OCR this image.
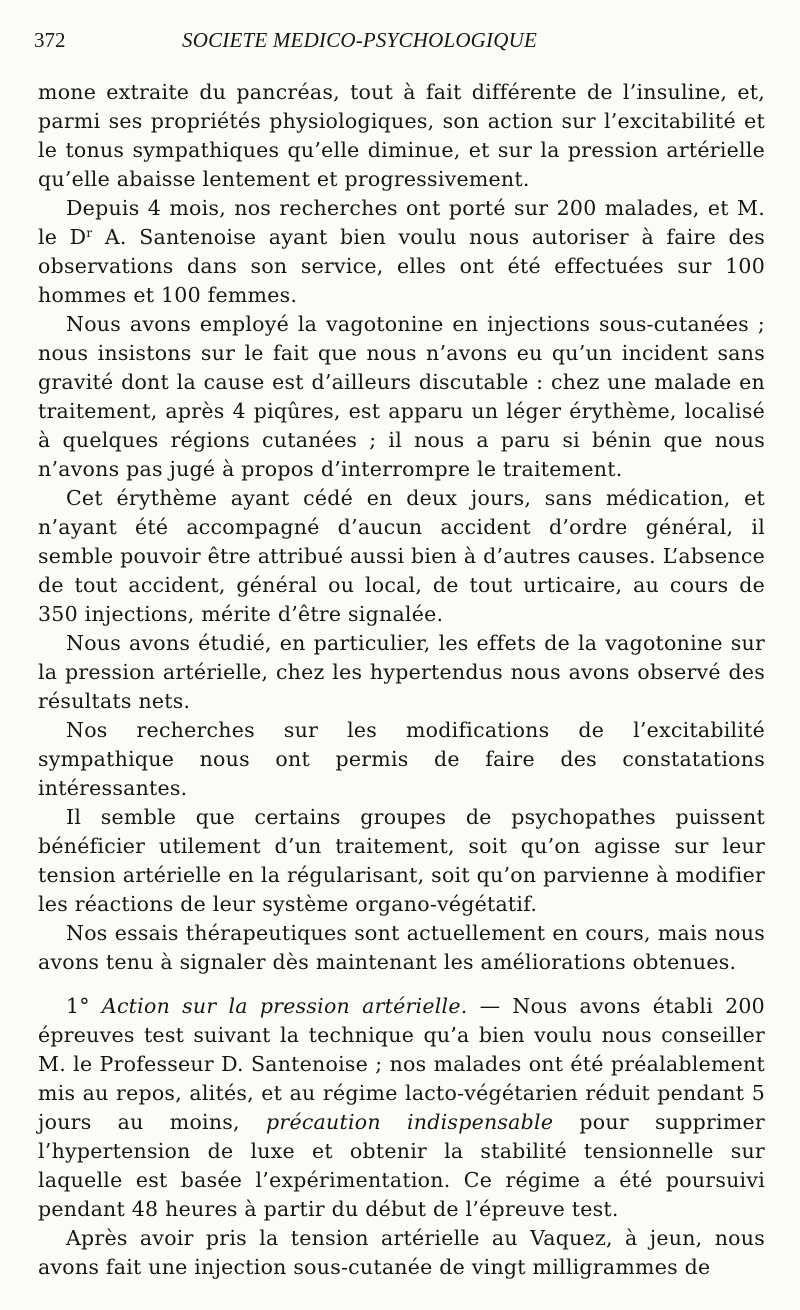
372	SOCIETE MEDICO-PSYCHOLOGIQUE

mone extraite du pancréas, tout à fait différente de l’insuline, et, parmi ses propriétés physiologiques, son action sur l’excitabilité et le tonus sympathiques qu’elle diminue, et sur la pression artérielle qu’elle abaisse lentement et progressivement.

Depuis 4 mois, nos recherches ont porté sur 200 malades, et M. le $D^r$ A. Santenoise ayant bien voulu nous autoriser à faire des observations dans son service, elles ont été effectuées sur 100 hommes et 100 femmes.

Nous avons employé la vagotonine en injections sous-cutanées ; nous insistons sur le fait que nous n’avons eu qu’un incident sans gravité dont la cause est d’ailleurs discutable : chez une malade en traitement, après 4 piqûres, est apparu un léger érythème, localisé à quelques régions cutanées ; il nous a paru si bénin que nous n’avons pas jugé à propos d’interrompre le traitement.

Cet érythème ayant cédé en deux jours, sans médication, et n’ayant été accompagné d’aucun accident d’ordre général, il semble pouvoir être attribué aussi bien à d’autres causes. L’absence de tout accident, général ou local, de tout urticaire, au cours de 350 injections, mérite d’être signalée.

Nous avons étudié, en particulier, les effets de la vagotonine sur la pression artérielle, chez les hypertendus nous avons observé des résultats nets.

Nos recherches sur les modifications de l’excitabilité sympathique nous ont permis de faire des constatations intéressantes.

Il semble que certains groupes de psychopathes puissent bénéficier utilement d’un traitement, soit qu’on agisse sur leur tension artérielle en la régularisant, soit qu’on parvienne à modifier les réactions de leur système organo-végétatif.

Nos essais thérapeutiques sont actuellement en cours, mais nous avons tenu à signaler dès maintenant les améliorations obtenues.

1° Action sur la pression artérielle. — Nous avons établi 200 épreuves test suivant la technique qu’a bien voulu nous conseiller M. le Professeur D. Santenoise ; nos malades ont été préalablement mis au repos, alités, et au régime lacto-végétarien réduit pendant 5 jours au moins, précaution indispensable pour supprimer l’hypertension de luxe et obtenir la stabilité tensionnelle sur laquelle est basée l’expérimentation. Ce régime a été poursuivi pendant 48 heures à partir du début de l’épreuve test.

Après avoir pris la tension artérielle au Vaquez, à jeun, nous avons fait une injection sous-cutanée de vingt milligrammes de
